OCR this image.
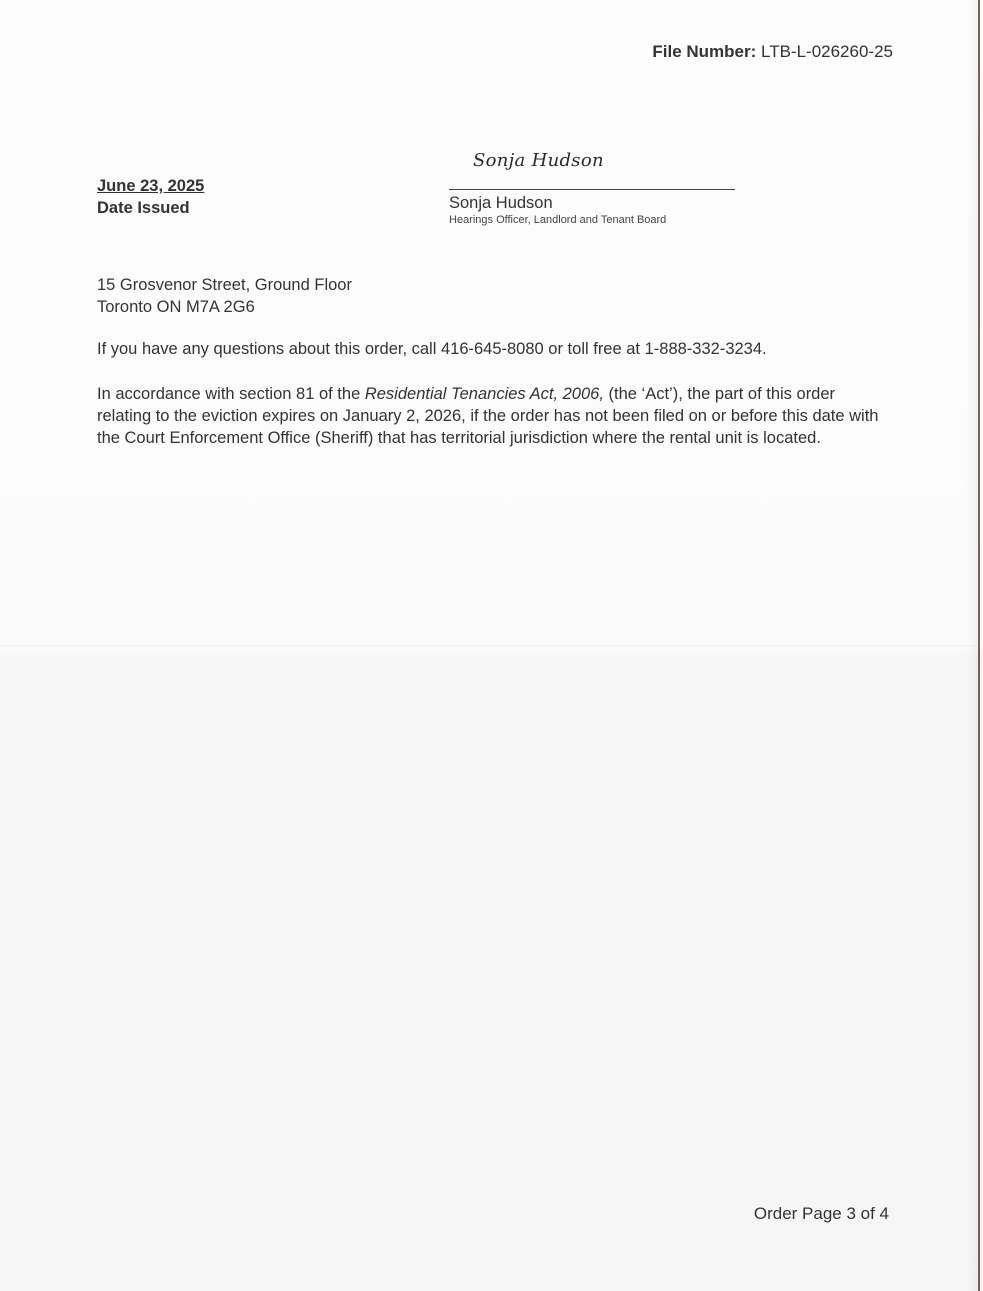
File Number: LTB-L-026260-25
June 23, 2025
Date Issued
Sonja Hudson
Sonja Hudson
Hearings Officer, Landlord and Tenant Board
15 Grosvenor Street, Ground Floor
Toronto ON M7A 2G6
If you have any questions about this order, call 416-645-8080 or toll free at 1-888-332-3234.
In accordance with section 81 of the Residential Tenancies Act, 2006, (the ‘Act’), the part of this order relating to the eviction expires on January 2, 2026, if the order has not been filed on or before this date with the Court Enforcement Office (Sheriff) that has territorial jurisdiction where the rental unit is located.
Order Page 3 of 4
